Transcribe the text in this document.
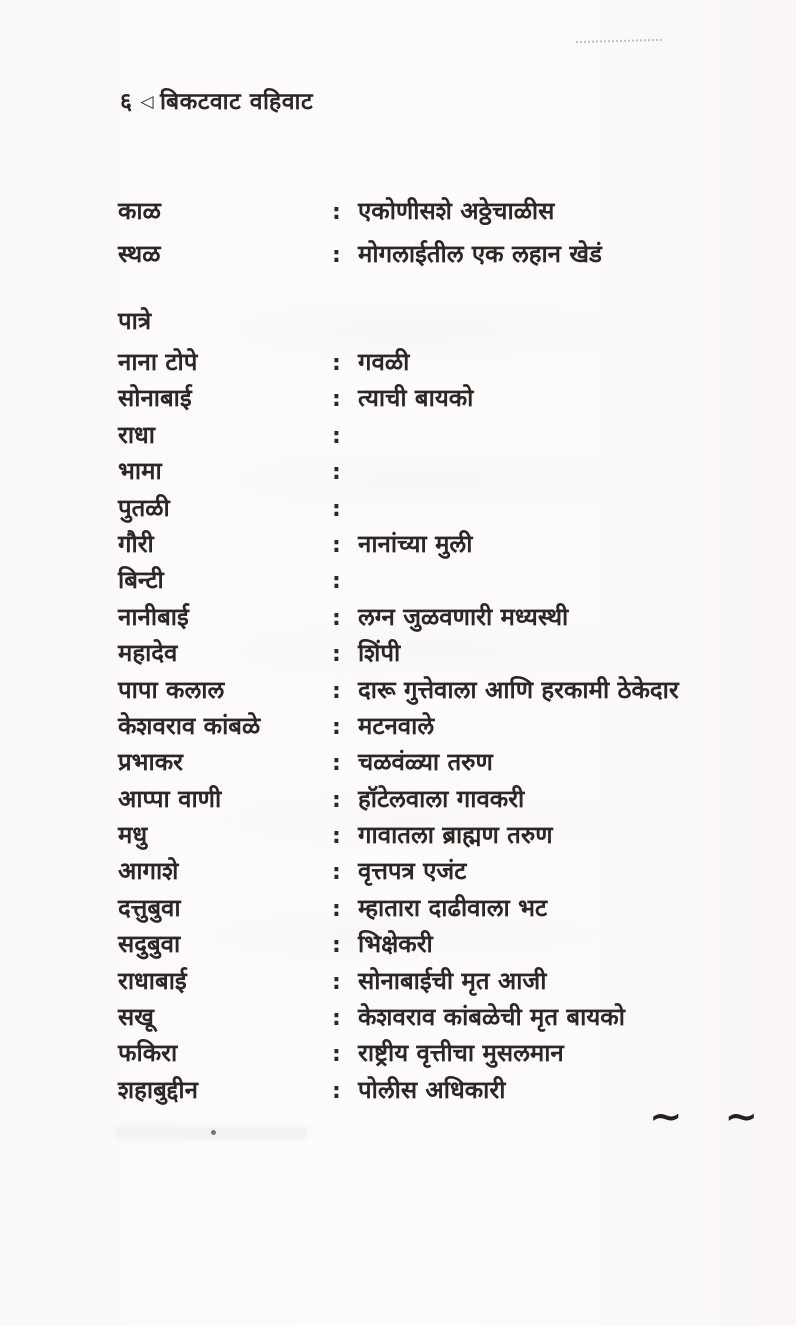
६ ◁ बिकटवाट वहिवाट
काळ	: एकोणीसशे अठ्ठेचाळीस
स्थळ	: मोगलाईतील एक लहान खेडं
पात्रे
नाना टोपे	: गवळी
सोनाबाई	: त्याची बायको
राधा	:
भामा	:
पुतळी	:
गौरी	: नानांच्या मुली
बिन्टी	:
नानीबाई	: लग्न जुळवणारी मध्यस्थी
महादेव	: शिंपी
पापा कलाल	: दारू गुत्तेवाला आणि हरकामी ठेकेदार
केशवराव कांबळे	: मटनवाले
प्रभाकर	: चळवंळ्या तरुण
आप्पा वाणी	: हॉटेलवाला गावकरी
मधु	: गावातला ब्राह्मण तरुण
आगाशे	: वृत्तपत्र एजंट
दत्तुबुवा	: म्हातारा दाढीवाला भट
सदुबुवा	: भिक्षेकरी
राधाबाई	: सोनाबाईची मृत आजी
सखू	: केशवराव कांबळेची मृत बायको
फकिरा	: राष्ट्रीय वृत्तीचा मुसलमान
शहाबुद्दीन	: पोलीस अधिकारी
~ ~
